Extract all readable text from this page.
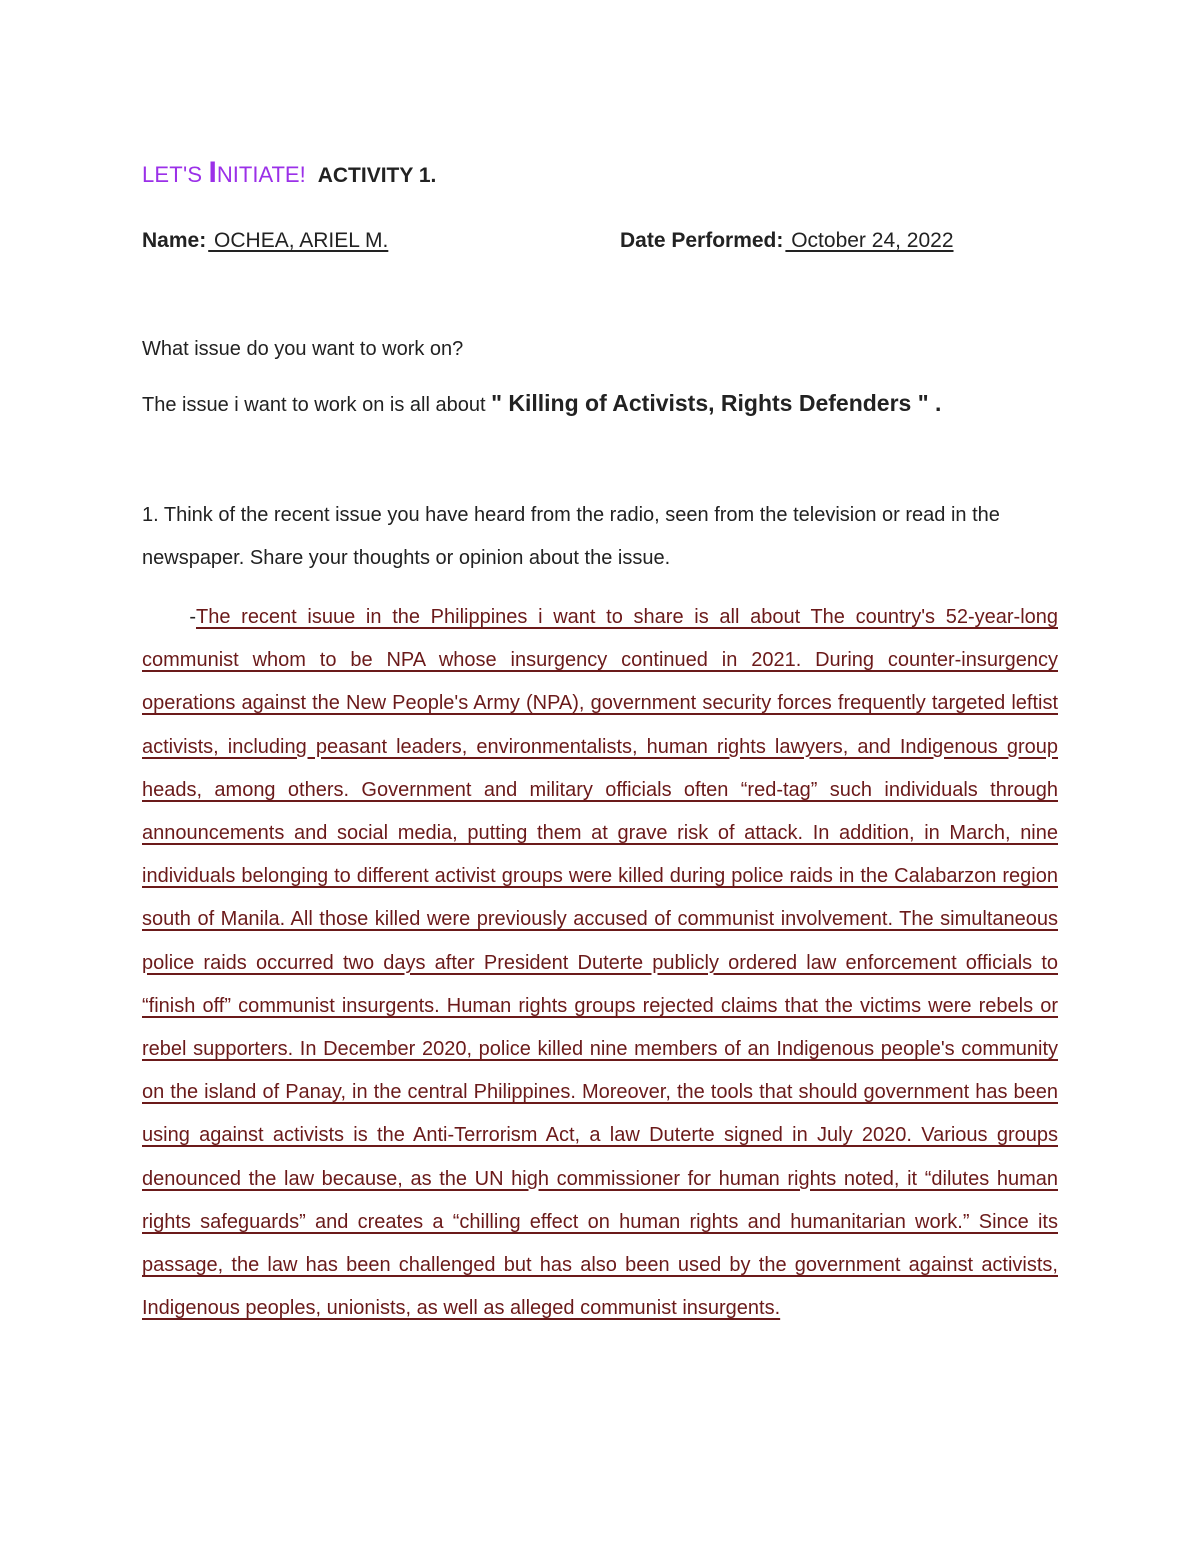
LET'S INITIATE! ACTIVITY 1.
Name: OCHEA, ARIEL M.	Date Performed: October 24, 2022
What issue do you want to work on?
The issue i want to work on is all about " Killing of Activists, Rights Defenders " .
1. Think of the recent issue you have heard from the radio, seen from the television or read in the newspaper. Share your thoughts or opinion about the issue.
-The recent isuue in the Philippines i want to share is all about The country's 52-year-long communist whom to be NPA whose insurgency continued in 2021. During counter-insurgency operations against the New People's Army (NPA), government security forces frequently targeted leftist activists, including peasant leaders, environmentalists, human rights lawyers, and Indigenous group heads, among others. Government and military officials often “red-tag” such individuals through announcements and social media, putting them at grave risk of attack. In addition, in March, nine individuals belonging to different activist groups were killed during police raids in the Calabarzon region south of Manila. All those killed were previously accused of communist involvement. The simultaneous police raids occurred two days after President Duterte publicly ordered law enforcement officials to “finish off” communist insurgents. Human rights groups rejected claims that the victims were rebels or rebel supporters. In December 2020, police killed nine members of an Indigenous people's community on the island of Panay, in the central Philippines. Moreover, the tools that should government has been using against activists is the Anti-Terrorism Act, a law Duterte signed in July 2020. Various groups denounced the law because, as the UN high commissioner for human rights noted, it “dilutes human rights safeguards” and creates a “chilling effect on human rights and humanitarian work.” Since its passage, the law has been challenged but has also been used by the government against activists, Indigenous peoples, unionists, as well as alleged communist insurgents.
